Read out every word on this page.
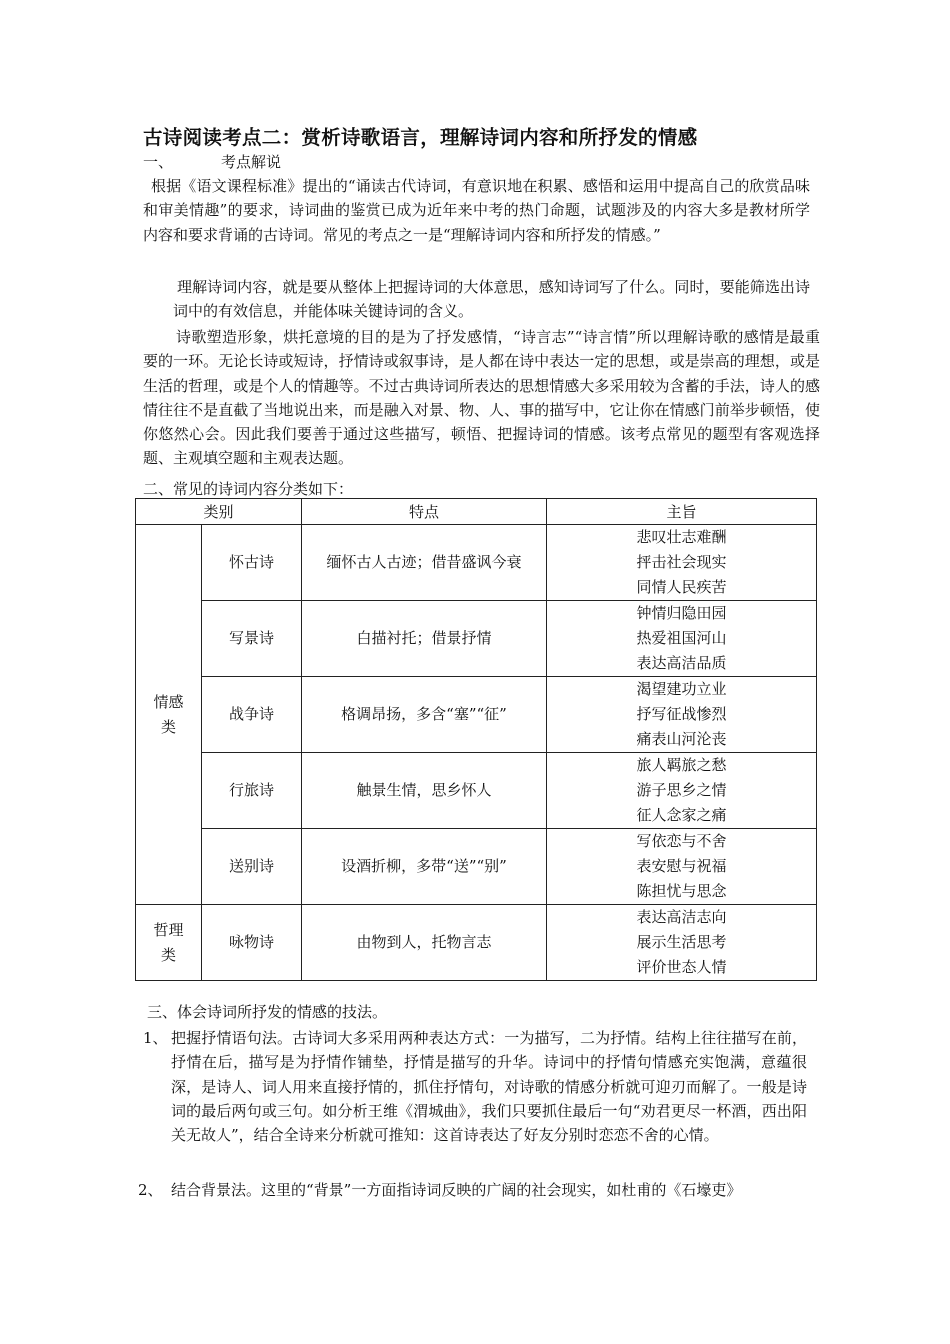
古诗阅读考点二：赏析诗歌语言，理解诗词内容和所抒发的情感
一、	考点解说
根据《语文课程标准》提出的“诵读古代诗词，有意识地在积累、感悟和运用中提高自己的欣赏品味和审美情趣”的要求，诗词曲的鉴赏已成为近年来中考的热门命题，试题涉及的内容大多是教材所学内容和要求背诵的古诗词。常见的考点之一是“理解诗词内容和所抒发的情感。”
理解诗词内容，就是要从整体上把握诗词的大体意思，感知诗词写了什么。同时，要能筛选出诗词中的有效信息，并能体味关键诗词的含义。
诗歌塑造形象，烘托意境的目的是为了抒发感情，“诗言志”“诗言情”所以理解诗歌的感情是最重要的一环。无论长诗或短诗，抒情诗或叙事诗，是人都在诗中表达一定的思想，或是崇高的理想，或是生活的哲理，或是个人的情趣等。不过古典诗词所表达的思想情感大多采用较为含蓄的手法，诗人的感情往往不是直截了当地说出来，而是融入对景、物、人、事的描写中，它让你在情感门前举步顿悟，使你悠然心会。因此我们要善于通过这些描写，顿悟、把握诗词的情感。该考点常见的题型有客观选择题、主观填空题和主观表达题。
二、常见的诗词内容分类如下：
类别		特点	主旨

情感类	怀古诗	缅怀古人古迹；借昔盛讽今衰	悲叹壮志难酬
抨击社会现实
同情人民疾苦

	写景诗	白描衬托；借景抒情	钟情归隐田园
热爱祖国河山
表达高洁品质

	战争诗	格调昂扬，多含“塞”“征”	渴望建功立业
抒写征战惨烈
痛表山河沦丧

	行旅诗	触景生情，思乡怀人	旅人羁旅之愁
游子思乡之情
征人念家之痛

	送别诗	设酒折柳，多带“送”“别”	写依恋与不舍
表安慰与祝福
陈担忧与思念

哲理类	咏物诗	由物到人，托物言志	表达高洁志向
展示生活思考
评价世态人情
三、体会诗词所抒发的情感的技法。
1、 把握抒情语句法。古诗词大多采用两种表达方式：一为描写，二为抒情。结构上往往描写在前，抒情在后，描写是为抒情作铺垫，抒情是描写的升华。诗词中的抒情句情感充实饱满，意蕴很深，是诗人、词人用来直接抒情的，抓住抒情句，对诗歌的情感分析就可迎刃而解了。一般是诗词的最后两句或三句。如分析王维《渭城曲》，我们只要抓住最后一句“劝君更尽一杯酒，西出阳关无故人”，结合全诗来分析就可推知：这首诗表达了好友分别时恋恋不舍的心情。
2、 结合背景法。这里的“背景”一方面指诗词反映的广阔的社会现实，如杜甫的《石壕吏》
